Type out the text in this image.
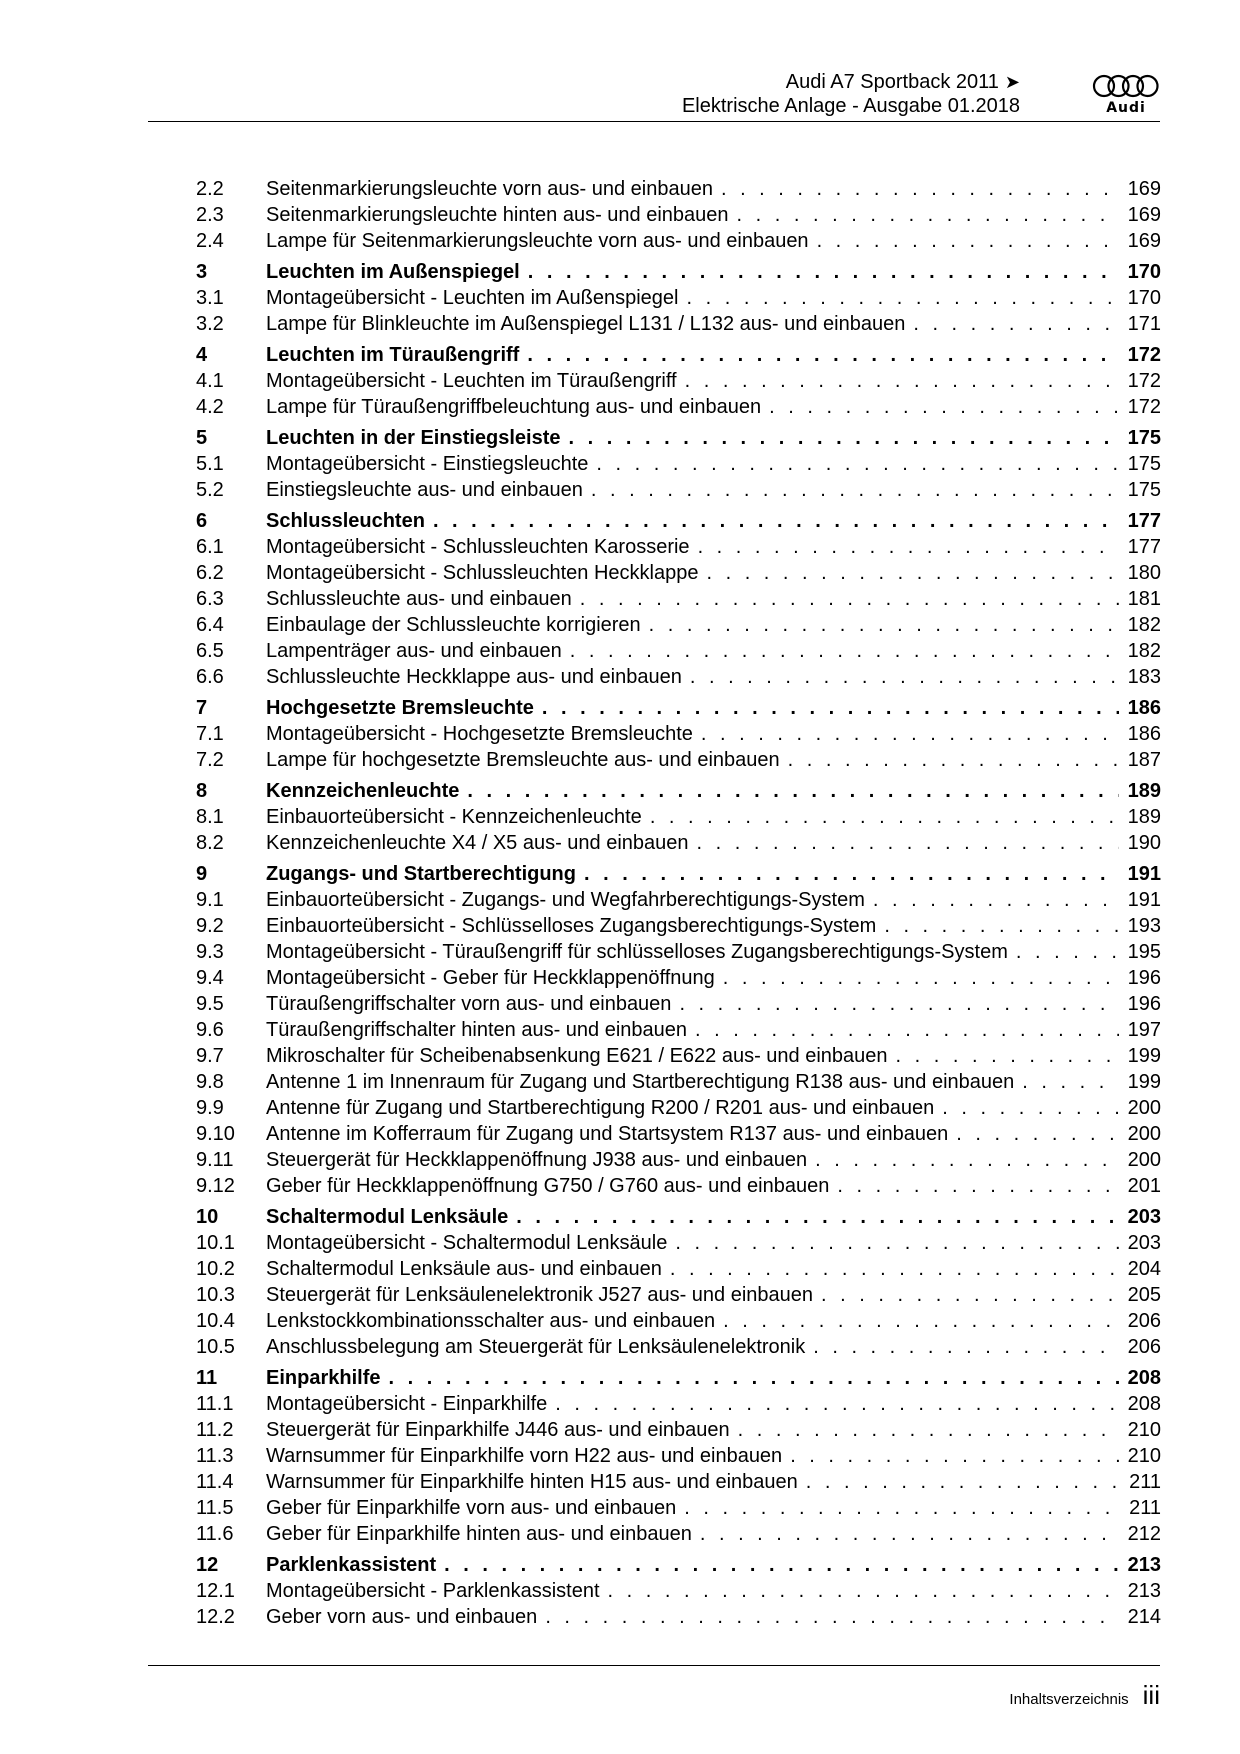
Audi A7 Sportback 2011 ➤
Elektrische Anlage - Ausgabe 01.2018	Audi
2.2	Seitenmarkierungsleuchte vorn aus- und einbauen . . .	169
2.3	Seitenmarkierungsleuchte hinten aus- und einbauen . . .	169
2.4	Lampe für Seitenmarkierungsleuchte vorn aus- und einbauen . . .	169
3	Leuchten im Außenspiegel . . .	170
3.1	Montageübersicht - Leuchten im Außenspiegel . . .	170
3.2	Lampe für Blinkleuchte im Außenspiegel L131 / L132 aus- und einbauen . . .	171
4	Leuchten im Türaußengriff . . .	172
4.1	Montageübersicht - Leuchten im Türaußengriff . . .	172
4.2	Lampe für Türaußengriffbeleuchtung aus- und einbauen . . .	172
5	Leuchten in der Einstiegsleiste . . .	175
5.1	Montageübersicht - Einstiegsleuchte . . .	175
5.2	Einstiegsleuchte aus- und einbauen . . .	175
6	Schlussleuchten . . .	177
6.1	Montageübersicht - Schlussleuchten Karosserie . . .	177
6.2	Montageübersicht - Schlussleuchten Heckklappe . . .	180
6.3	Schlussleuchte aus- und einbauen . . .	181
6.4	Einbaulage der Schlussleuchte korrigieren . . .	182
6.5	Lampenträger aus- und einbauen . . .	182
6.6	Schlussleuchte Heckklappe aus- und einbauen . . .	183
7	Hochgesetzte Bremsleuchte . . .	186
7.1	Montageübersicht - Hochgesetzte Bremsleuchte . . .	186
7.2	Lampe für hochgesetzte Bremsleuchte aus- und einbauen . . .	187
8	Kennzeichenleuchte . . .	189
8.1	Einbauorteübersicht - Kennzeichenleuchte . . .	189
8.2	Kennzeichenleuchte X4 / X5 aus- und einbauen . . .	190
9	Zugangs- und Startberechtigung . . .	191
9.1	Einbauorteübersicht - Zugangs- und Wegfahrberechtigungs-System . . .	191
9.2	Einbauorteübersicht - Schlüsselloses Zugangsberechtigungs-System . . .	193
9.3	Montageübersicht - Türaußengriff für schlüsselloses Zugangsberechtigungs-System . . .	195
9.4	Montageübersicht - Geber für Heckklappenöffnung . . .	196
9.5	Türaußengriffschalter vorn aus- und einbauen . . .	196
9.6	Türaußengriffschalter hinten aus- und einbauen . . .	197
9.7	Mikroschalter für Scheibenabsenkung E621 / E622 aus- und einbauen . . .	199
9.8	Antenne 1 im Innenraum für Zugang und Startberechtigung R138 aus- und einbauen . . .	199
9.9	Antenne für Zugang und Startberechtigung R200 / R201 aus- und einbauen . . .	200
9.10	Antenne im Kofferraum für Zugang und Startsystem R137 aus- und einbauen . . .	200
9.11	Steuergerät für Heckklappenöffnung J938 aus- und einbauen . . .	200
9.12	Geber für Heckklappenöffnung G750 / G760 aus- und einbauen . . .	201
10	Schaltermodul Lenksäule . . .	203
10.1	Montageübersicht - Schaltermodul Lenksäule . . .	203
10.2	Schaltermodul Lenksäule aus- und einbauen . . .	204
10.3	Steuergerät für Lenksäulenelektronik J527 aus- und einbauen . . .	205
10.4	Lenkstockkombinationsschalter aus- und einbauen . . .	206
10.5	Anschlussbelegung am Steuergerät für Lenksäulenelektronik . . .	206
11	Einparkhilfe . . .	208
11.1	Montageübersicht - Einparkhilfe . . .	208
11.2	Steuergerät für Einparkhilfe J446 aus- und einbauen . . .	210
11.3	Warnsummer für Einparkhilfe vorn H22 aus- und einbauen . . .	210
11.4	Warnsummer für Einparkhilfe hinten H15 aus- und einbauen . . .	211
11.5	Geber für Einparkhilfe vorn aus- und einbauen . . .	211
11.6	Geber für Einparkhilfe hinten aus- und einbauen . . .	212
12	Parklenkassistent . . .	213
12.1	Montageübersicht - Parklenkassistent . . .	213
12.2	Geber vorn aus- und einbauen . . .	214
Inhaltsverzeichnis iii
